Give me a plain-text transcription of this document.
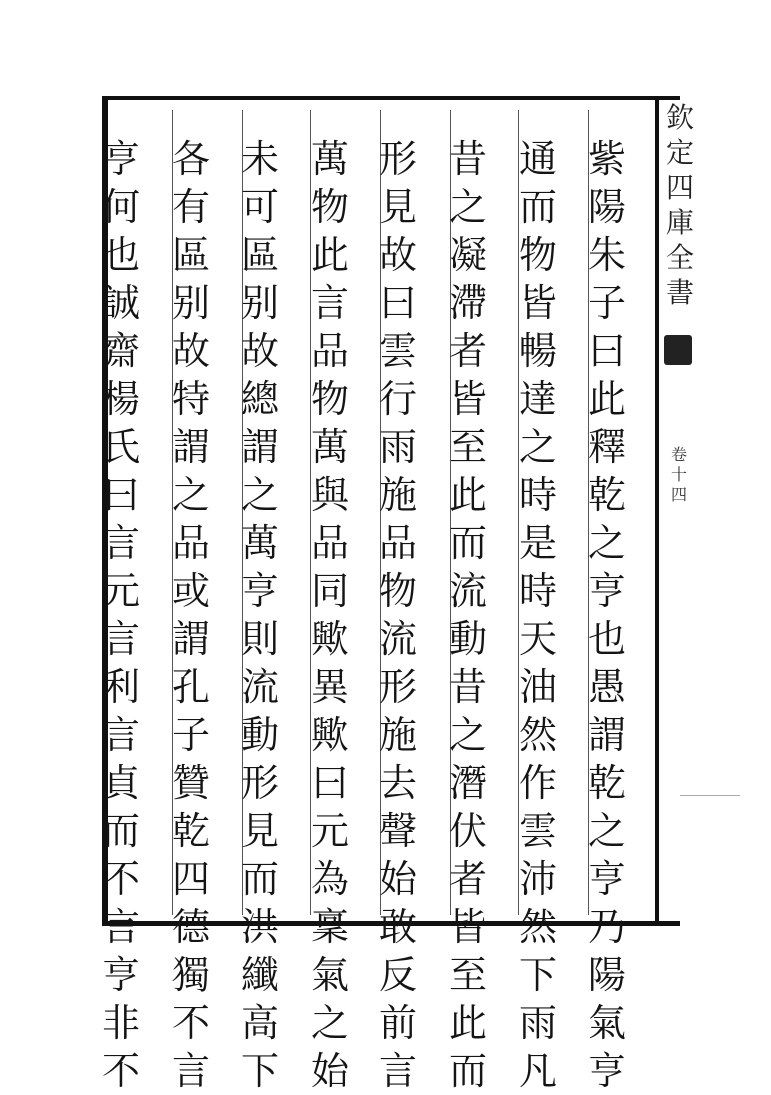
欽
定
四
庫
全
書
卷
十
四
紫
陽
朱
子
曰
此
釋
乾
之
亨
也
愚
謂
乾
之
亨
乃
陽
氣
亨
通
而
物
皆
暢
達
之
時
是
時
天
油
然
作
雲
沛
然
下
雨
凡
昔
之
凝
滯
者
皆
至
此
而
流
動
昔
之
潛
伏
者
皆
至
此
而
形
見
故
曰
雲
行
雨
施
品
物
流
形
施
去
聲
始
敢
反
前
言
萬
物
此
言
品
物
萬
與
品
同
歟
異
歟
曰
元
為
稟
氣
之
始
未
可
區
别
故
總
謂
之
萬
亨
則
流
動
形
見
而
洪
纖
高
下
各
有
區
别
故
特
謂
之
品
或
謂
孔
子
贊
乾
四
德
獨
不
言
亨
何
也
誠
齋
楊
氏
曰
言
元
言
利
言
貞
而
不
言
亨
非
不
